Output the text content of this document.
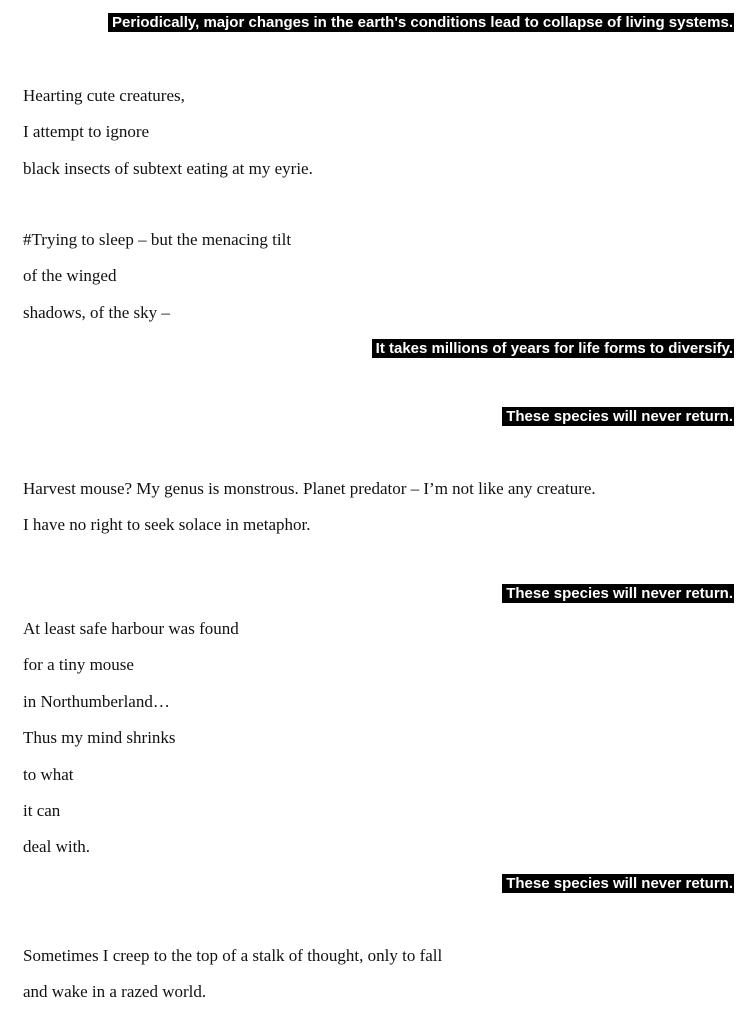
Periodically, major changes in the earth's conditions lead to collapse of living systems.
Hearting cute creatures,
I attempt to ignore
black insects of subtext eating at my eyrie.
#Trying to sleep – but the menacing tilt
of the winged
shadows, of the sky –
It takes millions of years for life forms to diversify.
These species will never return.
Harvest mouse? My genus is monstrous. Planet predator – I’m not like any creature.
I have no right to seek solace in metaphor.
These species will never return.
At least safe harbour was found
for a tiny mouse
in Northumberland…
Thus my mind shrinks
to what
it can
deal with.
These species will never return.
Sometimes I creep to the top of a stalk of thought, only to fall
and wake in a razed world.
